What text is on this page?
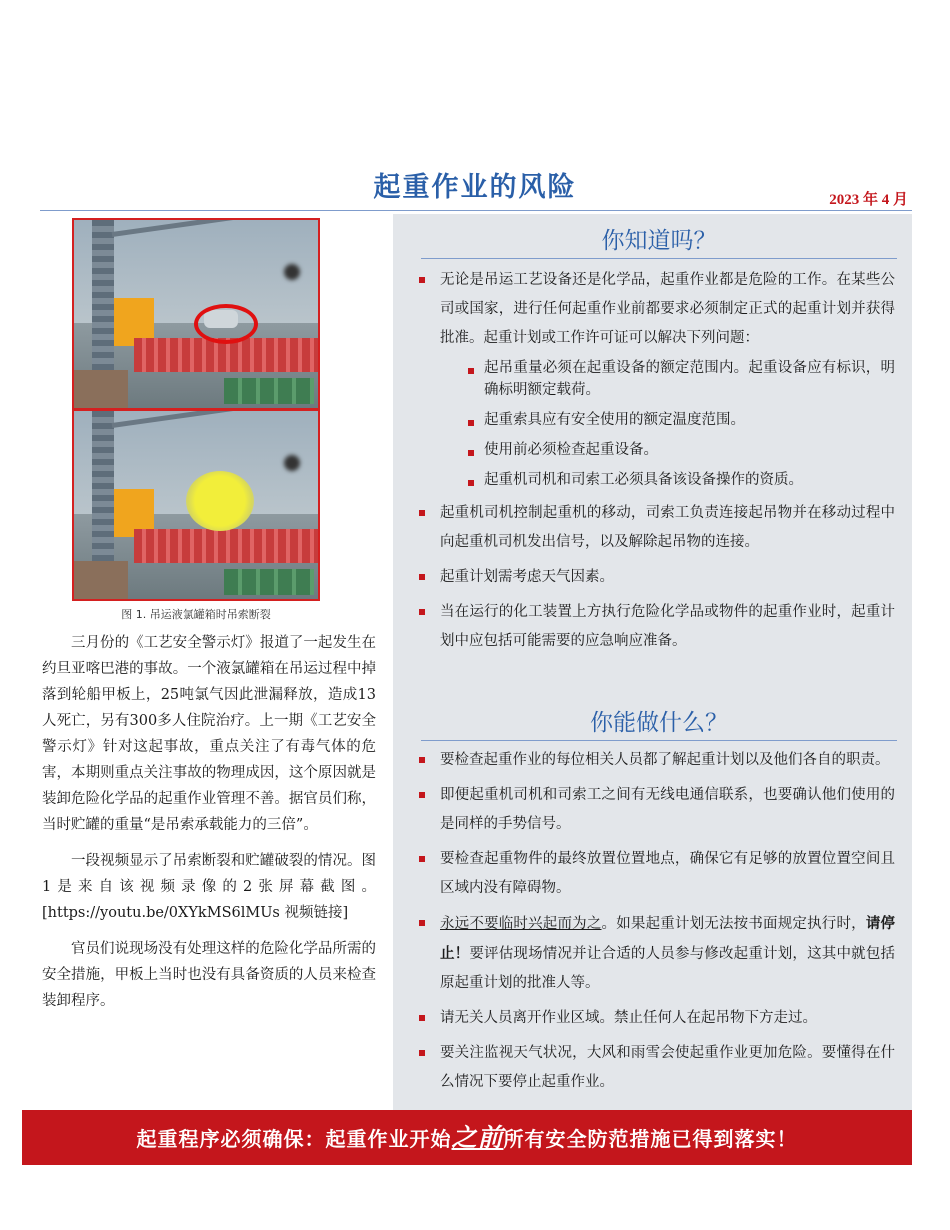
起重作业的风险	2023 年 4 月
图 1. 吊运液氯罐箱时吊索断裂

三月份的《工艺安全警示灯》报道了一起发生在约旦亚喀巴港的事故。一个液氯罐箱在吊运过程中掉落到轮船甲板上，25吨氯气因此泄漏释放，造成13人死亡，另有300多人住院治疗。上一期《工艺安全警示灯》针对这起事故，重点关注了有毒气体的危害，本期则重点关注事故的物理成因，这个原因就是装卸危险化学品的起重作业管理不善。据官员们称，当时贮罐的重量“是吊索承载能力的三倍”。

一段视频显示了吊索断裂和贮罐破裂的情况。图1是来自该视频录像的2张屏幕截图。[https://youtu.be/0XYkMS6lMUs 视频链接]

官员们说现场没有处理这样的危险化学品所需的安全措施，甲板上当时也没有具备资质的人员来检查装卸程序。

你知道吗？
无论是吊运工艺设备还是化学品，起重作业都是危险的工作。在某些公司或国家，进行任何起重作业前都要求必须制定正式的起重计划并获得批准。起重计划或工作许可证可以解决下列问题：
起吊重量必须在起重设备的额定范围内。起重设备应有标识，明确标明额定载荷。
起重索具应有安全使用的额定温度范围。
使用前必须检查起重设备。
起重机司机和司索工必须具备该设备操作的资质。
起重机司机控制起重机的移动，司索工负责连接起吊物并在移动过程中向起重机司机发出信号，以及解除起吊物的连接。
起重计划需考虑天气因素。
当在运行的化工装置上方执行危险化学品或物件的起重作业时，起重计划中应包括可能需要的应急响应准备。
你能做什么？
要检查起重作业的每位相关人员都了解起重计划以及他们各自的职责。
即便起重机司机和司索工之间有无线电通信联系，也要确认他们使用的是同样的手势信号。
要检查起重物件的最终放置位置地点，确保它有足够的放置位置空间且区域内没有障碍物。
永远不要临时兴起而为之。如果起重计划无法按书面规定执行时，请停止！要评估现场情况并让合适的人员参与修改起重计划，这其中就包括原起重计划的批准人等。
请无关人员离开作业区域。禁止任何人在起吊物下方走过。
要关注监视天气状况，大风和雨雪会使起重作业更加危险。要懂得在什么情况下要停止起重作业。
起重程序必须确保：起重作业开始之前所有安全防范措施已得到落实！
